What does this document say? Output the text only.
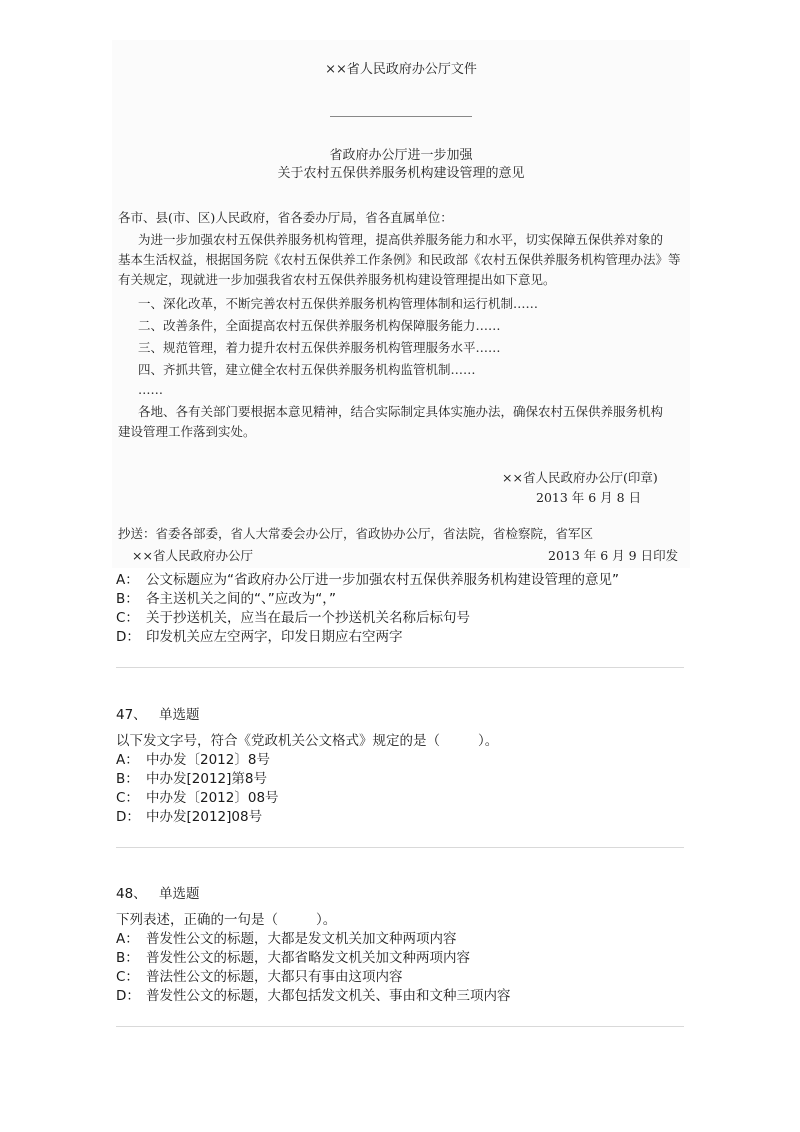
××省人民政府办公厅文件
省政府办公厅进一步加强
关于农村五保供养服务机构建设管理的意见
各市、县(市、区)人民政府，省各委办厅局，省各直属单位：
为进一步加强农村五保供养服务机构管理，提高供养服务能力和水平，切实保障五保供养对象的
基本生活权益，根据国务院《农村五保供养工作条例》和民政部《农村五保供养服务机构管理办法》等
有关规定，现就进一步加强我省农村五保供养服务机构建设管理提出如下意见。
一、深化改革，不断完善农村五保供养服务机构管理体制和运行机制……
二、改善条件，全面提高农村五保供养服务机构保障服务能力……
三、规范管理，着力提升农村五保供养服务机构管理服务水平……
四、齐抓共管，建立健全农村五保供养服务机构监管机制……
……
各地、各有关部门要根据本意见精神，结合实际制定具体实施办法，确保农村五保供养服务机构
建设管理工作落到实处。
××省人民政府办公厅(印章)
2013 年 6 月 8 日
抄送：省委各部委，省人大常委会办公厅，省政协办公厅，省法院，省检察院，省军区
××省人民政府办公厅	2013 年 6 月 9 日印发
A： 公文标题应为“省政府办公厅进一步加强农村五保供养服务机构建设管理的意见”
B： 各主送机关之间的“、”应改为“，”
C： 关于抄送机关，应当在最后一个抄送机关名称后标句号
D： 印发机关应左空两字，印发日期应右空两字
47、 单选题
以下发文字号，符合《党政机关公文格式》规定的是（	）。
A： 中办发〔2012〕8号
B： 中办发[2012]第8号
C： 中办发〔2012〕08号
D： 中办发[2012]08号
48、 单选题
下列表述，正确的一句是（	）。
A： 普发性公文的标题，大都是发文机关加文种两项内容
B： 普发性公文的标题，大都省略发文机关加文种两项内容
C： 普法性公文的标题，大都只有事由这项内容
D： 普发性公文的标题，大都包括发文机关、事由和文种三项内容
